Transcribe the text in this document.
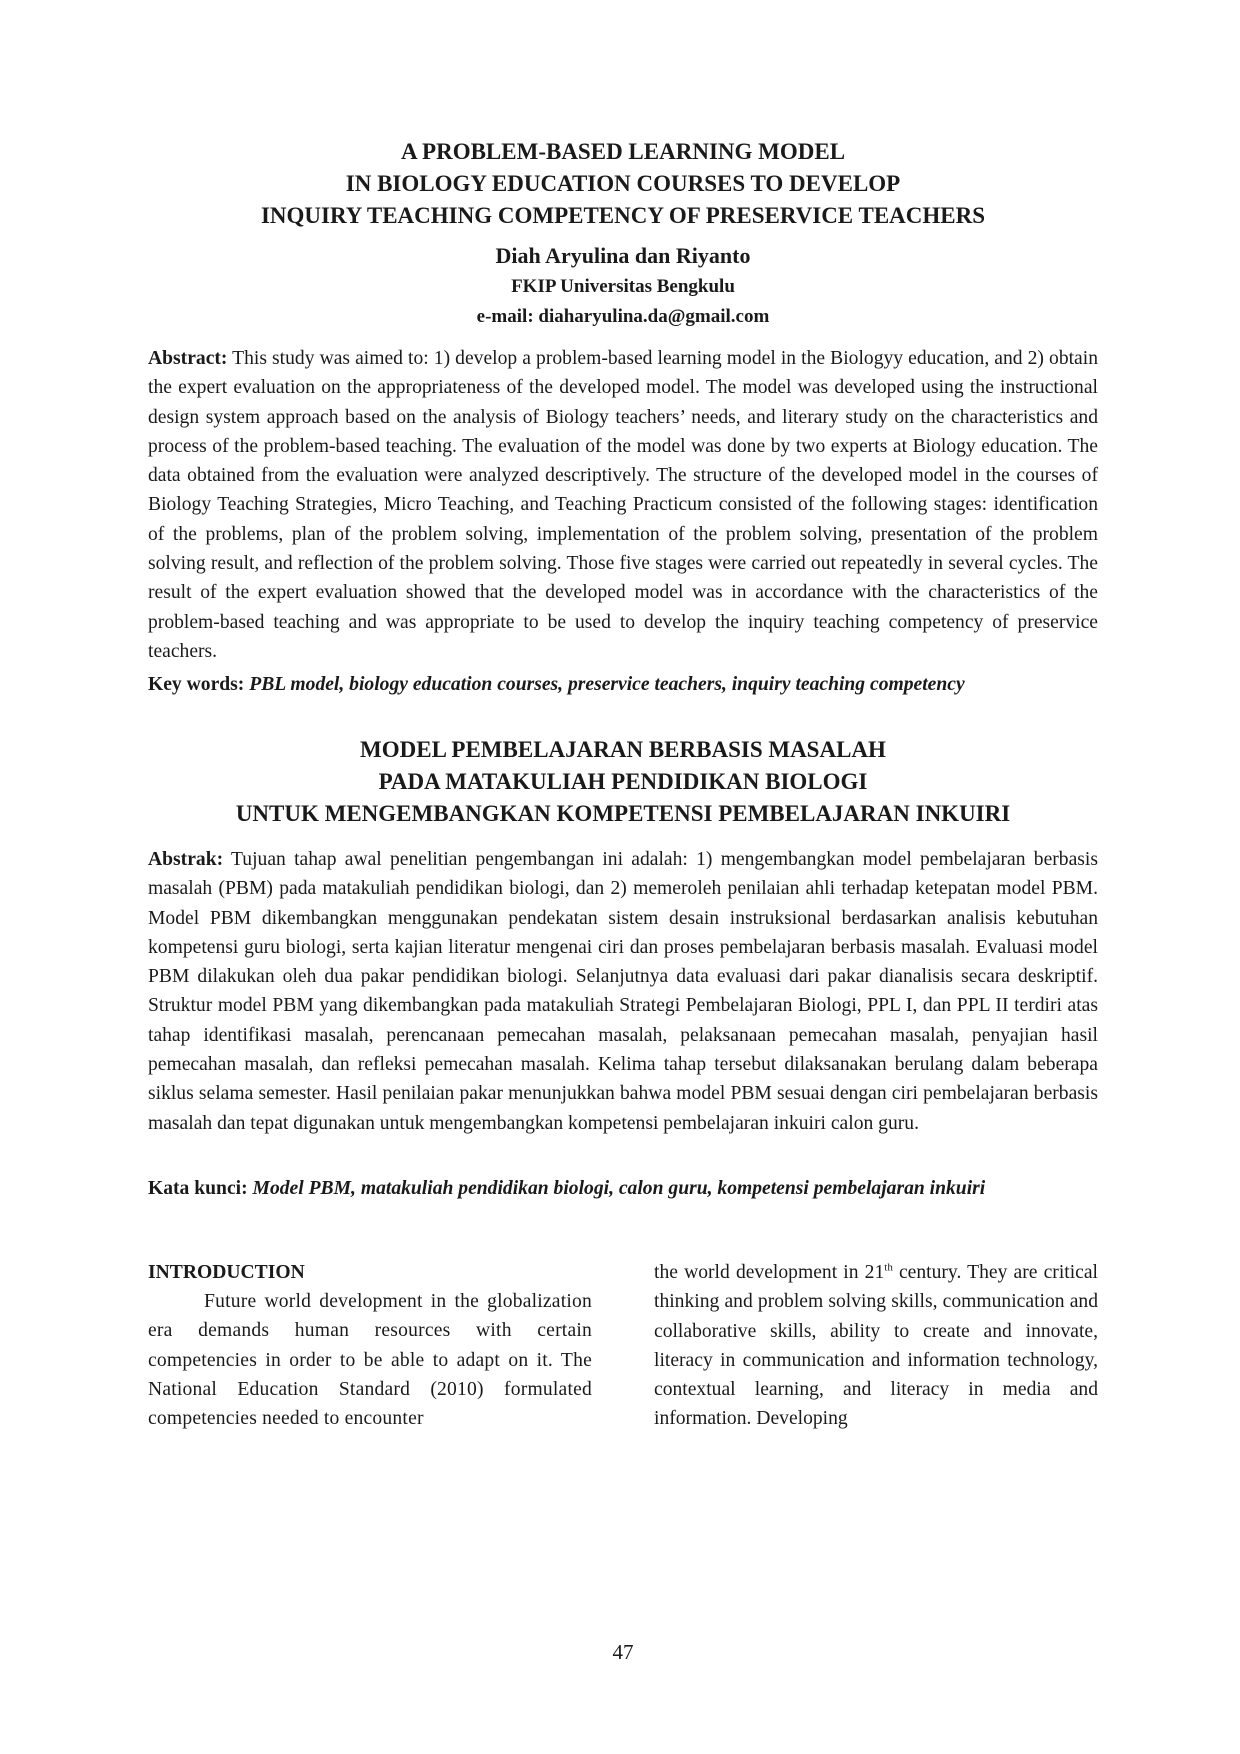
A PROBLEM-BASED LEARNING MODEL
IN BIOLOGY EDUCATION COURSES TO DEVELOP
INQUIRY TEACHING COMPETENCY OF PRESERVICE TEACHERS
Diah Aryulina dan Riyanto
FKIP Universitas Bengkulu
e-mail: diaharyulina.da@gmail.com

Abstract: This study was aimed to: 1) develop a problem-based learning model in the Biologyy education, and 2) obtain the expert evaluation on the appropriateness of the developed model. The model was developed using the instructional design system approach based on the analysis of Biology teachers’ needs, and literary study on the characteristics and process of the problem-based teaching. The evaluation of the model was done by two experts at Biology education. The data obtained from the evaluation were analyzed descriptively. The structure of the developed model in the courses of Biology Teaching Strategies, Micro Teaching, and Teaching Practicum consisted of the following stages: identification of the problems, plan of the problem solving, implementation of the problem solving, presentation of the problem solving result, and reflection of the problem solving. Those five stages were carried out repeatedly in several cycles. The result of the expert evaluation showed that the developed model was in accordance with the characteristics of the problem-based teaching and was appropriate to be used to develop the inquiry teaching competency of preservice teachers.

Key words: PBL model, biology education courses, preservice teachers, inquiry teaching competency

MODEL PEMBELAJARAN BERBASIS MASALAH
PADA MATAKULIAH PENDIDIKAN BIOLOGI
UNTUK MENGEMBANGKAN KOMPETENSI PEMBELAJARAN INKUIRI

Abstrak: Tujuan tahap awal penelitian pengembangan ini adalah: 1) mengembangkan model pembelajaran berbasis masalah (PBM) pada matakuliah pendidikan biologi, dan 2) memeroleh penilaian ahli terhadap ketepatan model PBM. Model PBM dikembangkan menggunakan pendekatan sistem desain instruksional berdasarkan analisis kebutuhan kompetensi guru biologi, serta kajian literatur mengenai ciri dan proses pembelajaran berbasis masalah. Evaluasi model PBM dilakukan oleh dua pakar pendidikan biologi. Selanjutnya data evaluasi dari pakar dianalisis secara deskriptif. Struktur model PBM yang dikembangkan pada matakuliah Strategi Pembelajaran Biologi, PPL I, dan PPL II terdiri atas tahap identifikasi masalah, perencanaan pemecahan masalah, pelaksanaan pemecahan masalah, penyajian hasil pemecahan masalah, dan refleksi pemecahan masalah. Kelima tahap tersebut dilaksanakan berulang dalam beberapa siklus selama semester. Hasil penilaian pakar menunjukkan bahwa model PBM sesuai dengan ciri pembelajaran berbasis masalah dan tepat digunakan untuk mengembangkan kompetensi pembelajaran inkuiri calon guru.

Kata kunci: Model PBM, matakuliah pendidikan biologi, calon guru, kompetensi pembelajaran inkuiri

INTRODUCTION

Future world development in the globalization era demands human resources with certain competencies in order to be able to adapt on it. The National Education Standard (2010) formulated competencies needed to encounter

the world development in 21th century. They are critical thinking and problem solving skills, communication and collaborative skills, ability to create and innovate, literacy in communication and information technology, contextual learning, and literacy in media and information. Developing

47
